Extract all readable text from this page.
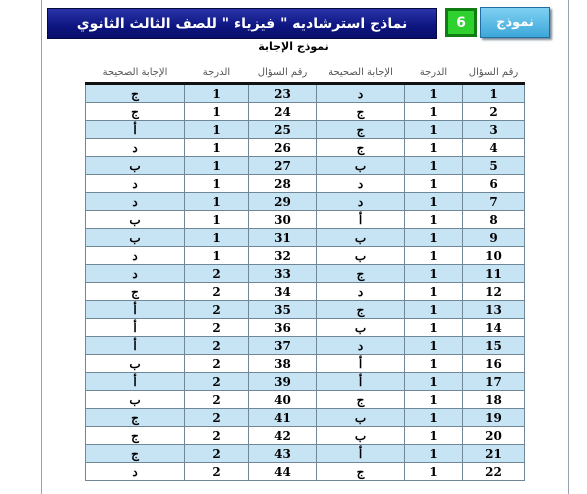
نماذج استرشاديه " فيزياء " للصف الثالث الثانوي	6 نموذج
نموذج الإجابة
رقم السؤال	الدرجة	الإجابة الصحيحة	رقم السؤال	الدرجة	الإجابة الصحيحة
1	1	د	23	1	ج
2	1	ج	24	1	ج
3	1	ج	25	1	أ
4	1	ج	26	1	د
5	1	ب	27	1	ب
6	1	د	28	1	د
7	1	د	29	1	د
8	1	أ	30	1	ب
9	1	ب	31	1	ب
10	1	ب	32	1	د
11	1	ج	33	2	د
12	1	د	34	2	ج
13	1	ج	35	2	أ
14	1	ب	36	2	أ
15	1	د	37	2	أ
16	1	أ	38	2	ب
17	1	أ	39	2	أ
18	1	ج	40	2	ب
19	1	ب	41	2	ج
20	1	ب	42	2	ج
21	1	أ	43	2	ج
22	1	ج	44	2	د
